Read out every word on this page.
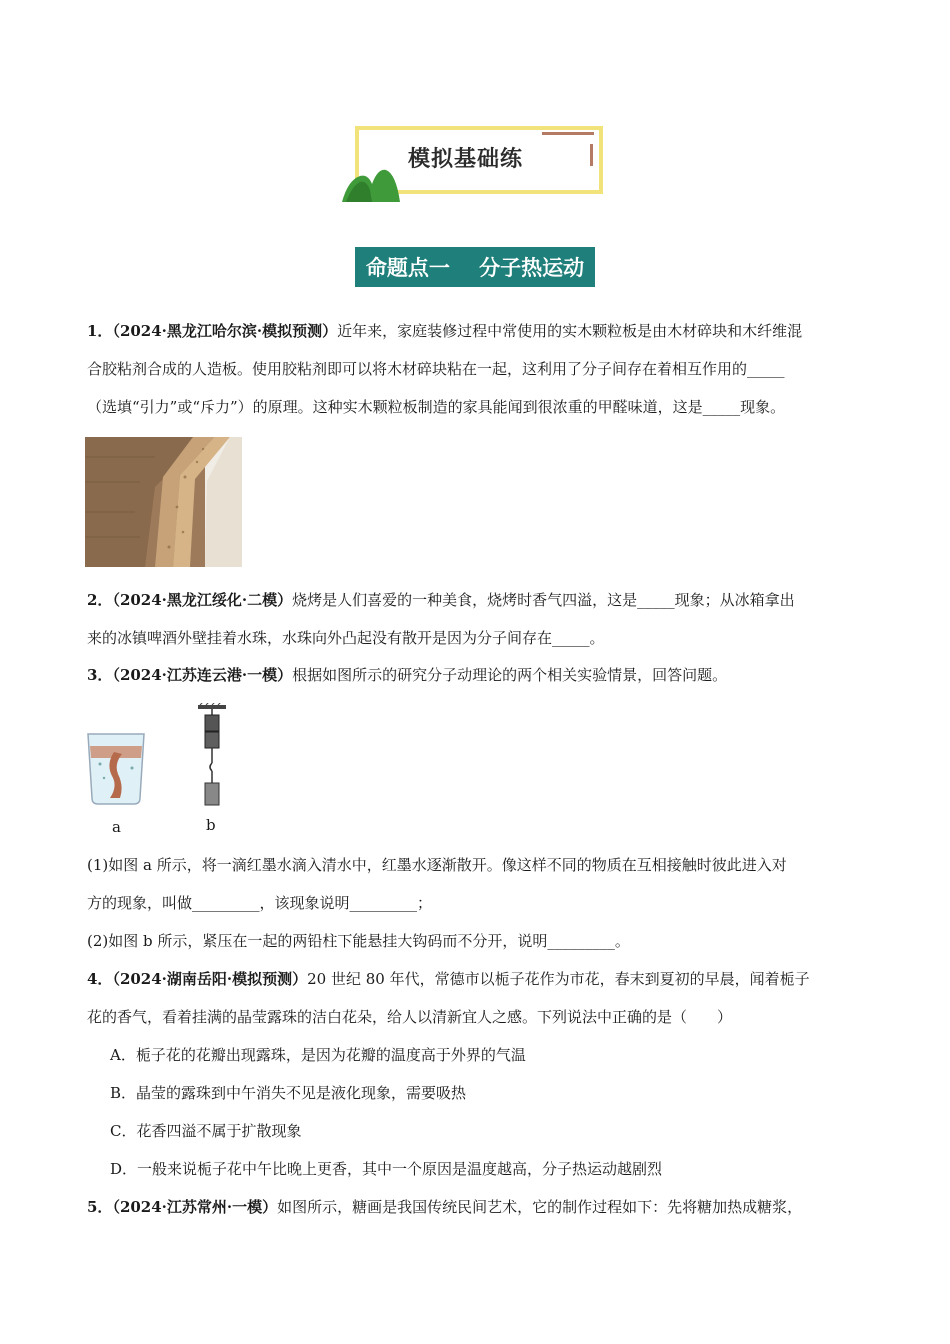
模拟基础练
命题点一    分子热运动
1．（2024·黑龙江哈尔滨·模拟预测）近年来，家庭装修过程中常使用的实木颗粒板是由木材碎块和木纤维混
合胶粘剂合成的人造板。使用胶粘剂即可以将木材碎块粘在一起，这利用了分子间存在着相互作用的_____
（选填“引力”或“斥力”）的原理。这种实木颗粒板制造的家具能闻到很浓重的甲醛味道，这是_____现象。
2．（2024·黑龙江绥化·二模）烧烤是人们喜爱的一种美食，烧烤时香气四溢，这是_____现象；从冰箱拿出
来的冰镇啤酒外壁挂着水珠，水珠向外凸起没有散开是因为分子间存在_____。
3．（2024·江苏连云港·一模）根据如图所示的研究分子动理论的两个相关实验情景，回答问题。
a	b
(1)如图 a 所示，将一滴红墨水滴入清水中，红墨水逐渐散开。像这样不同的物质在互相接触时彼此进入对
方的现象，叫做_________，该现象说明_________；
(2)如图 b 所示，紧压在一起的两铅柱下能悬挂大钩码而不分开，说明_________。
4．（2024·湖南岳阳·模拟预测）20 世纪 80 年代，常德市以栀子花作为市花，春末到夏初的早晨，闻着栀子
花的香气，看着挂满的晶莹露珠的洁白花朵，给人以清新宜人之感。下列说法中正确的是（　　）
A．栀子花的花瓣出现露珠，是因为花瓣的温度高于外界的气温
B．晶莹的露珠到中午消失不见是液化现象，需要吸热
C．花香四溢不属于扩散现象
D．一般来说栀子花中午比晚上更香，其中一个原因是温度越高，分子热运动越剧烈
5．（2024·江苏常州·一模）如图所示，糖画是我国传统民间艺术，它的制作过程如下：先将糖加热成糖浆，
